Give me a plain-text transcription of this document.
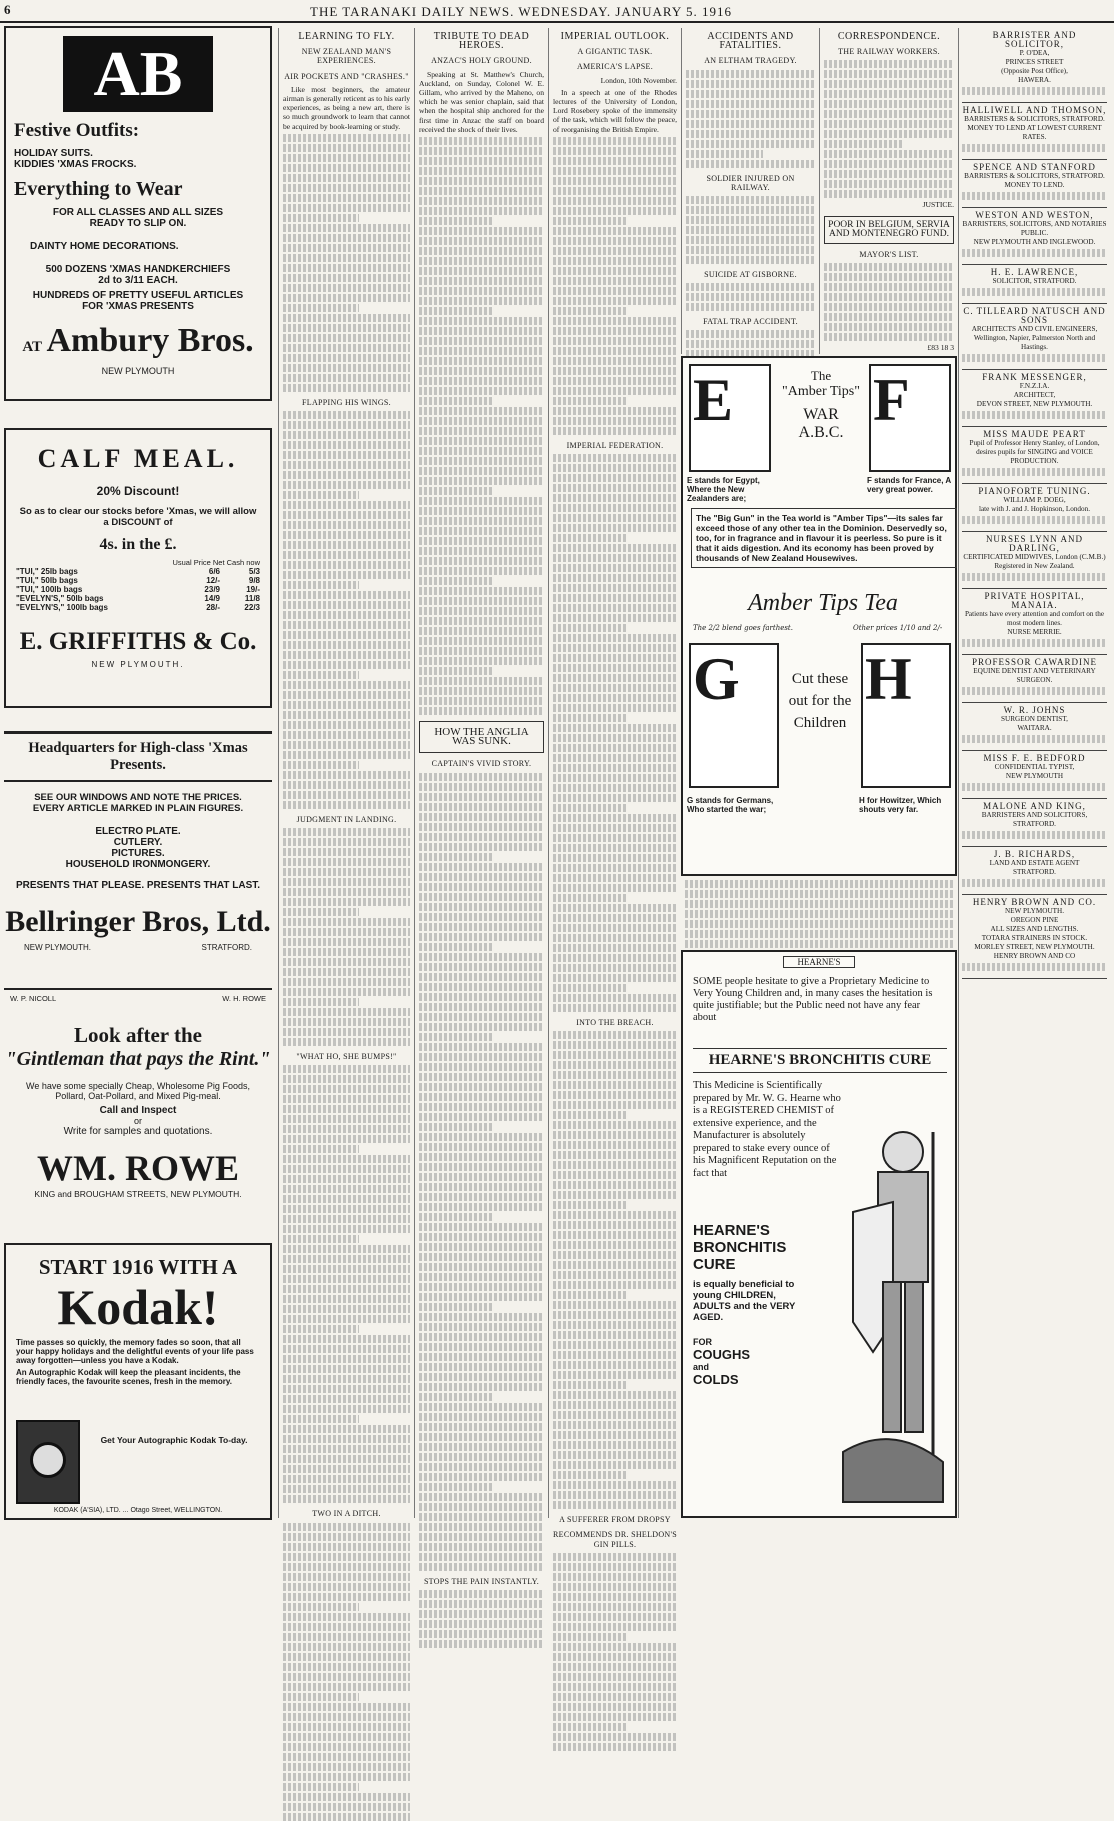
6	THE TARANAKI DAILY NEWS. WEDNESDAY. JANUARY 5. 1916
AB
Festive Outfits:
HOLIDAY SUITS.
KIDDIES 'XMAS FROCKS.
Everything to Wear
FOR ALL CLASSES AND ALL SIZES
READY TO SLIP ON.
DAINTY HOME DECORATIONS.
500 DOZENS 'XMAS HANDKERCHIEFS
2d to 3/11 EACH.
HUNDREDS OF PRETTY USEFUL ARTICLES
FOR 'XMAS PRESENTS
AT Ambury Bros.
NEW PLYMOUTH
CALF MEAL.
20% Discount!
So as to clear our stocks before 'Xmas, we will allow
a DISCOUNT of
4s. in the £.
Usual Price Net Cash now
"TUI," 25lb bags	6/6	5/3
"TUI," 50lb bags	12/-	9/8
"TUI," 100lb bags	23/9	19/-
"EVELYN'S," 50lb bags	14/9	11/8
"EVELYN'S," 100lb bags	28/-	22/3
E. GRIFFITHS & Co.
NEW PLYMOUTH.
Headquarters for High-class 'Xmas Presents.
SEE OUR WINDOWS AND NOTE THE PRICES.
EVERY ARTICLE MARKED IN PLAIN FIGURES.
ELECTRO PLATE.
CUTLERY.
PICTURES.
HOUSEHOLD IRONMONGERY.
PRESENTS THAT PLEASE. PRESENTS THAT LAST.
Bellringer Bros, Ltd.
NEW PLYMOUTH.	STRATFORD.
W. P. NICOLL	W. H. ROWE
Look after the
"Gintleman that pays the Rint."
We have some specially Cheap, Wholesome Pig Foods,
Pollard, Oat-Pollard, and Mixed Pig-meal.
Call and Inspect
or
Write for samples and quotations.
WM. ROWE
KING and BROUGHAM STREETS, NEW PLYMOUTH.
START 1916 WITH A
Kodak!
Time passes so quickly, the memory fades so soon, that all your happy holidays and the delightful events of your life pass away forgotten—unless you have a Kodak.
An Autographic Kodak will keep the pleasant incidents, the friendly faces, the favourite scenes, fresh in the memory.
Get Your Autographic Kodak To-day.
KODAK (A'SIA), LTD. ... Otago Street, WELLINGTON.
LEARNING TO FLY.
NEW ZEALAND MAN'S EXPERIENCES.
AIR POCKETS AND "CRASHES."

Like most beginners, the amateur airman is generally reticent as to his early experiences, as being a new art, there is so much groundwork to learn that cannot be acquired by book-learning or study.

FLAPPING HIS WINGS.
JUDGMENT IN LANDING.
"WHAT HO, SHE BUMPS!"
TWO IN A DITCH.
TRIBUTE TO DEAD HEROES.
ANZAC'S HOLY GROUND.

Speaking at St. Matthew's Church, Auckland, on Sunday, Colonel W. E. Gillam, who arrived by the Maheno, on which he was senior chaplain, said that when the hospital ship anchored for the first time in Anzac the staff on board received the shock of their lives.

HOW THE ANGLIA WAS SUNK.
CAPTAIN'S VIVID STORY.
STOPS THE PAIN INSTANTLY.
IMPERIAL OUTLOOK.
A GIGANTIC TASK.
AMERICA'S LAPSE.

London, 10th November.

In a speech at one of the Rhodes lectures of the University of London, Lord Rosebery spoke of the immensity of the task, which will follow the peace, of reorganising the British Empire.

IMPERIAL FEDERATION.
INTO THE BREACH.
A SUFFERER FROM DROPSY
RECOMMENDS DR. SHELDON'S GIN PILLS.
ACCIDENTS AND FATALITIES.
AN ELTHAM TRAGEDY.
SOLDIER INJURED ON RAILWAY.
SUICIDE AT GISBORNE.
FATAL TRAP ACCIDENT.
CORRESPONDENCE.
THE RAILWAY WORKERS.

JUSTICE.

POOR IN BELGIUM, SERVIA AND MONTENEGRO FUND.
MAYOR'S LIST.

£83 18 3

E
E stands for Egypt, Where the New Zealanders are;
The
"Amber Tips"
WAR
A.B.C. F
F stands for France, A very great power.
The "Big Gun" in the Tea world is "Amber Tips"—its sales far exceed those of any other tea in the Dominion. Deservedly so, too, for in fragrance and in flavour it is peerless. So pure is it that it aids digestion. And its economy has been proved by thousands of New Zealand Housewives.
Amber Tips Tea
The 2/2 blend goes farthest.	Other prices 1/10 and 2/-
G
G stands for Germans, Who started the war;
Cut these out for the Children
H
H for Howitzer, Which shouts very far.
HEARNE'S
SOME people hesitate to give a Proprietary Medicine to Very Young Children and, in many cases the hesitation is quite justifiable; but the Public need not have any fear about
HEARNE'S BRONCHITIS CURE
This Medicine is Scientifically prepared by Mr. W. G. Hearne who is a REGISTERED CHEMIST of extensive experience, and the Manufacturer is absolutely prepared to stake every ounce of his Magnificent Reputation on the fact that
HEARNE'S
BRONCHITIS
CURE
is equally beneficial to young CHILDREN, ADULTS and the VERY AGED.
FOR
COUGHS
and
COLDS
BARRISTER AND SOLICITOR,
P. O'DEA,
PRINCES STREET
(Opposite Post Office),
HAWERA.
HALLIWELL AND THOMSON,
BARRISTERS & SOLICITORS, STRATFORD.
MONEY TO LEND AT LOWEST CURRENT RATES.
SPENCE AND STANFORD
BARRISTERS & SOLICITORS, STRATFORD.
MONEY TO LEND.
WESTON AND WESTON,
BARRISTERS, SOLICITORS, AND NOTARIES PUBLIC.
NEW PLYMOUTH AND INGLEWOOD.
H. E. LAWRENCE,
SOLICITOR, STRATFORD.
C. TILLEARD NATUSCH AND SONS
ARCHITECTS AND CIVIL ENGINEERS,
Wellington, Napier, Palmerston North and Hastings.
FRANK MESSENGER,
F.N.Z.I.A.
ARCHITECT,
DEVON STREET, NEW PLYMOUTH.
MISS MAUDE PEART
Pupil of Professor Henry Stanley, of London, desires pupils for SINGING and VOICE PRODUCTION.
PIANOFORTE TUNING.
WILLIAM P. DOEG,
late with J. and J. Hopkinson, London.
NURSES LYNN AND DARLING,
CERTIFICATED MIDWIVES, London (C.M.B.)
Registered in New Zealand.
PRIVATE HOSPITAL, MANAIA.
Patients have every attention and comfort on the most modern lines.
NURSE MERRIE.
PROFESSOR CAWARDINE
EQUINE DENTIST AND VETERINARY SURGEON.
W. R. JOHNS
SURGEON DENTIST,
WAITARA.
MISS F. E. BEDFORD
CONFIDENTIAL TYPIST,
NEW PLYMOUTH
MALONE AND KING,
BARRISTERS AND SOLICITORS,
STRATFORD.
J. B. RICHARDS,
LAND AND ESTATE AGENT
STRATFORD.
HENRY BROWN AND CO.
NEW PLYMOUTH.
OREGON PINE
ALL SIZES AND LENGTHS.
TOTARA STRAINERS IN STOCK.
MORLEY STREET, NEW PLYMOUTH.
HENRY BROWN AND CO
